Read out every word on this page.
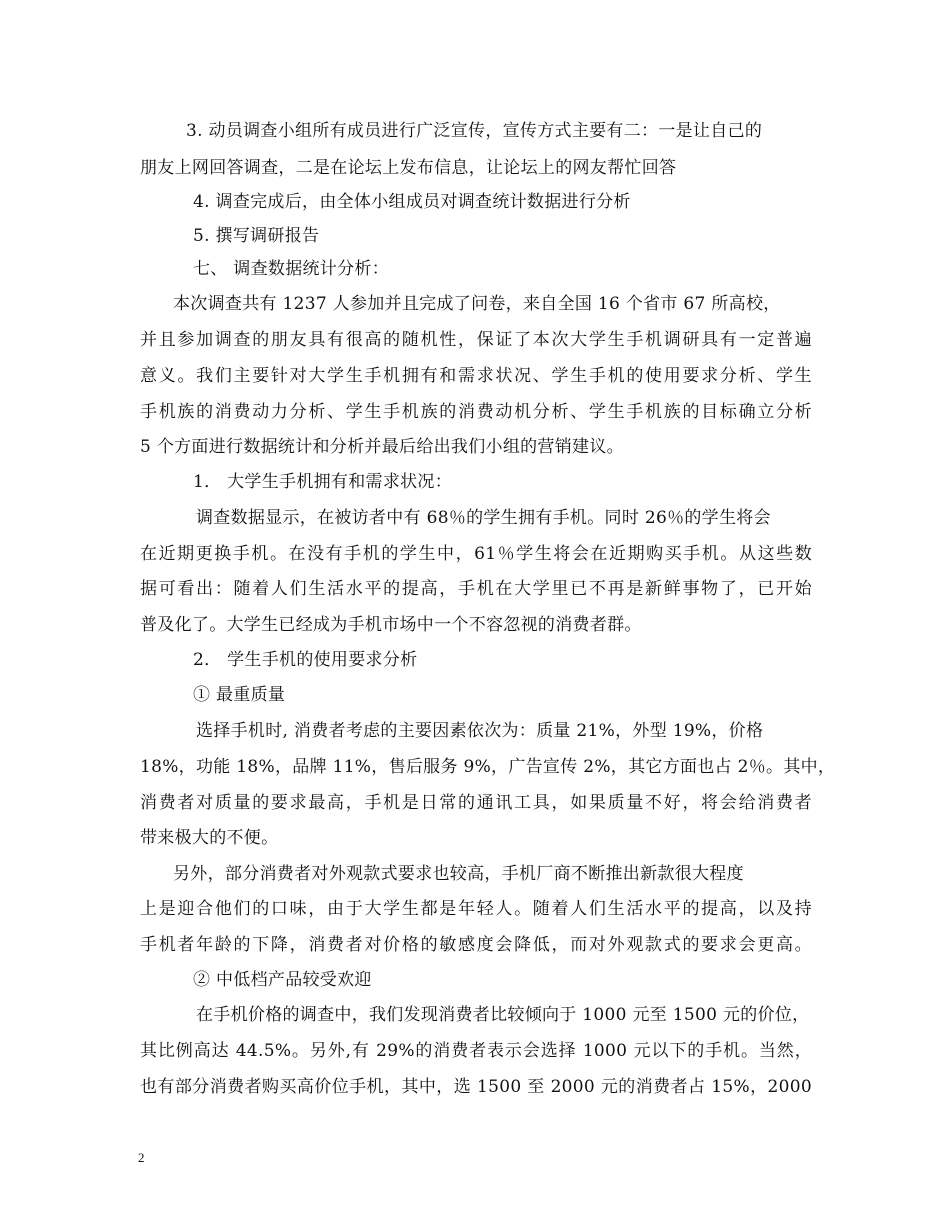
3. 动员调查小组所有成员进行广泛宣传，宣传方式主要有二：一是让自己的
朋友上网回答调查，二是在论坛上发布信息，让论坛上的网友帮忙回答
4. 调查完成后，由全体小组成员对调查统计数据进行分析
5. 撰写调研报告
七、 调查数据统计分析：
本次调查共有 1237 人参加并且完成了问卷，来自全国 16 个省市 67 所高校，
并且参加调查的朋友具有很高的随机性，保证了本次大学生手机调研具有一定普遍
意义。我们主要针对大学生手机拥有和需求状况、学生手机的使用要求分析、学生
手机族的消费动力分析、学生手机族的消费动机分析、学生手机族的目标确立分析
5 个方面进行数据统计和分析并最后给出我们小组的营销建议。
1． 大学生手机拥有和需求状况：
调查数据显示，在被访者中有 68％的学生拥有手机。同时 26％的学生将会
在近期更换手机。在没有手机的学生中，61％学生将会在近期购买手机。从这些数
据可看出：随着人们生活水平的提高，手机在大学里已不再是新鲜事物了，已开始
普及化了。大学生已经成为手机市场中一个不容忽视的消费者群。
2． 学生手机的使用要求分析
① 最重质量
选择手机时, 消费者考虑的主要因素依次为：质量 21%，外型 19%，价格
18%，功能 18%，品牌 11%，售后服务 9%，广告宣传 2%，其它方面也占 2％。其中，
消费者对质量的要求最高，手机是日常的通讯工具，如果质量不好，将会给消费者
带来极大的不便。
另外，部分消费者对外观款式要求也较高，手机厂商不断推出新款很大程度
上是迎合他们的口味，由于大学生都是年轻人。随着人们生活水平的提高，以及持
手机者年龄的下降，消费者对价格的敏感度会降低，而对外观款式的要求会更高。
② 中低档产品较受欢迎
在手机价格的调查中，我们发现消费者比较倾向于 1000 元至 1500 元的价位，
其比例高达 44.5%。另外,有 29%的消费者表示会选择 1000 元以下的手机。当然，
也有部分消费者购买高价位手机，其中，选 1500 至 2000 元的消费者占 15%，2000
2
